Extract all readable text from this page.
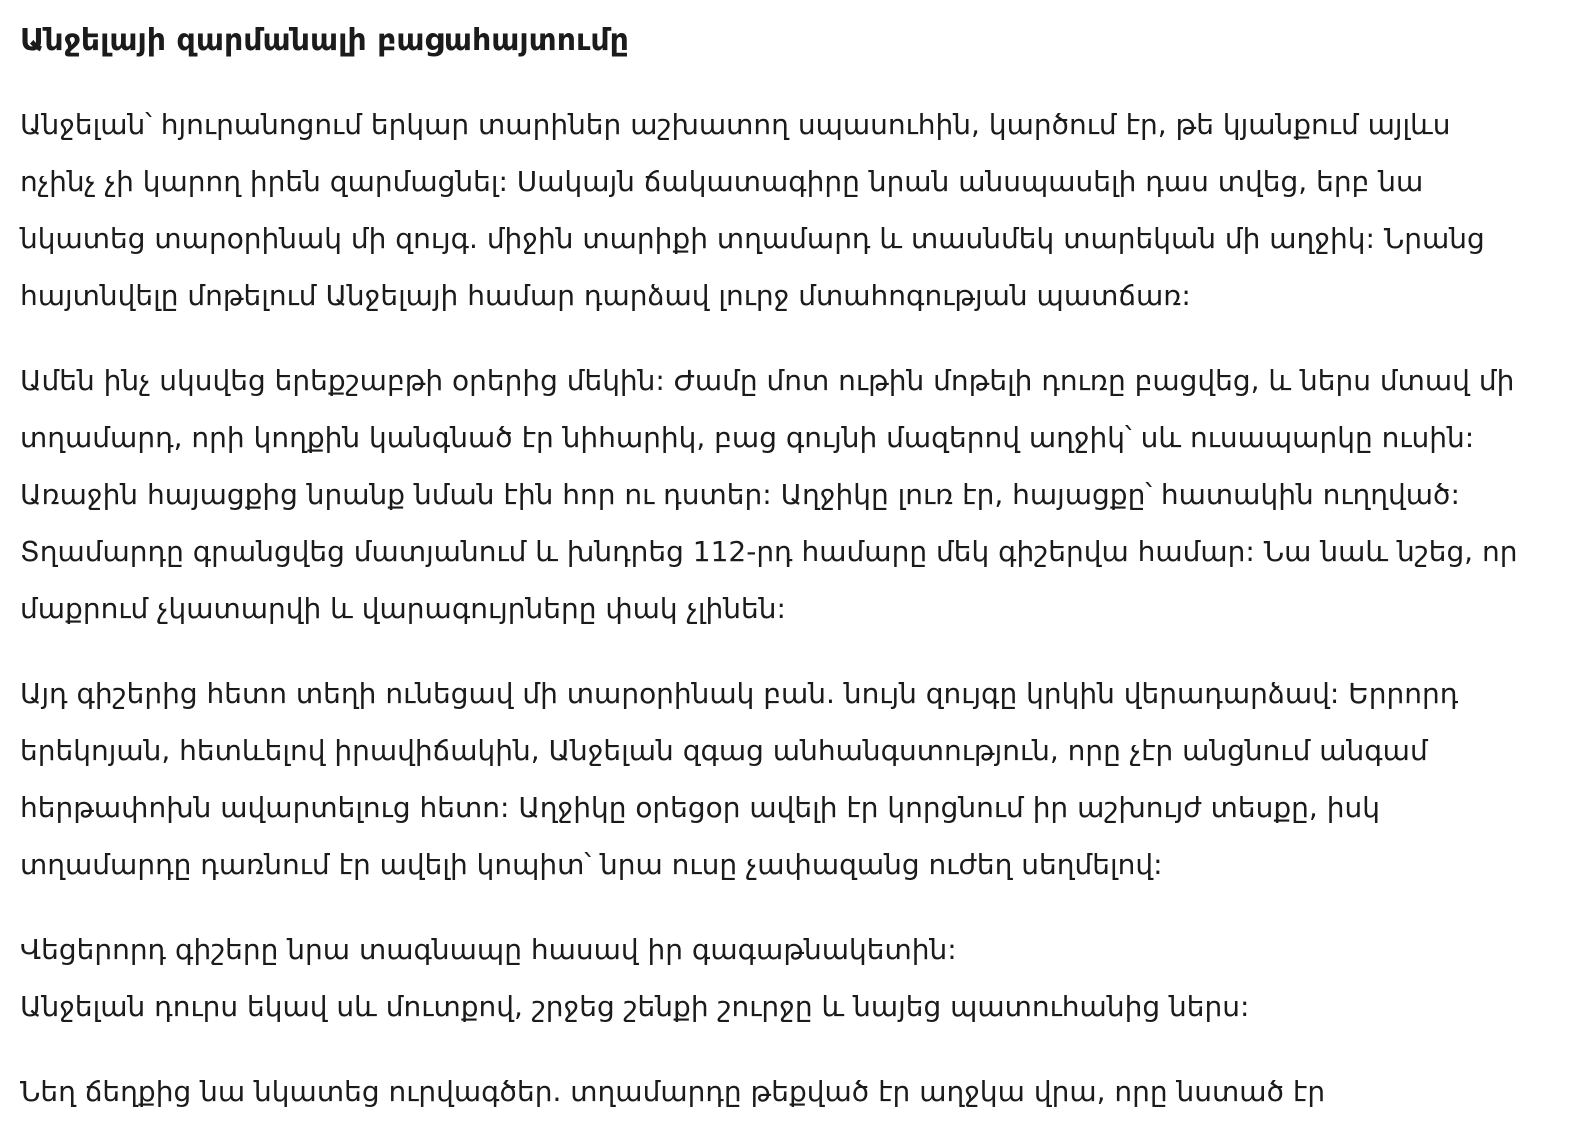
Անջելայի զարմանալի բացահայտումը

Անջելան՝ հյուրանոցում երկար տարիներ աշխատող սպասուհին, կարծում էր, թե կյանքում այլևս
ոչինչ չի կարող իրեն զարմացնել: Սակայն ճակատագիրը նրան անսպասելի դաս տվեց, երբ նա
նկատեց տարօրինակ մի զույգ. միջին տարիքի տղամարդ և տասնմեկ տարեկան մի աղջիկ: Նրանց
հայտնվելը մոթելում Անջելայի համար դարձավ լուրջ մտահոգության պատճառ:

Ամեն ինչ սկսվեց երեքշաբթի օրերից մեկին: Ժամը մոտ ութին մոթելի դուռը բացվեց, և ներս մտավ մի
տղամարդ, որի կողքին կանգնած էր նիհարիկ, բաց գույնի մազերով աղջիկ՝ սև ուսապարկը ուսին:
Առաջին հայացքից նրանք նման էին հոր ու դստեր: Աղջիկը լուռ էր, հայացքը՝ հատակին ուղղված:
Տղամարդը գրանցվեց մատյանում և խնդրեց 112-րդ համարը մեկ գիշերվա համար: Նա նաև նշեց, որ
մաքրում չկատարվի և վարագույրները փակ չլինեն:

Այդ գիշերից հետո տեղի ունեցավ մի տարօրինակ բան. նույն զույգը կրկին վերադարձավ: Երրորդ
երեկոյան, հետևելով իրավիճակին, Անջելան զգաց անհանգստություն, որը չէր անցնում անգամ
հերթափոխն ավարտելուց հետո: Աղջիկը օրեցօր ավելի էր կորցնում իր աշխույժ տեսքը, իսկ
տղամարդը դառնում էր ավելի կոպիտ՝ նրա ուսը չափազանց ուժեղ սեղմելով:

Վեցերորդ գիշերը նրա տագնապը հասավ իր գագաթնակետին:
Անջելան դուրս եկավ սև մուտքով, շրջեց շենքի շուրջը և նայեց պատուհանից ներս:

Նեղ ճեղքից նա նկատեց ուրվագծեր. տղամարդը թեքված էր աղջկա վրա, որը նստած էր
